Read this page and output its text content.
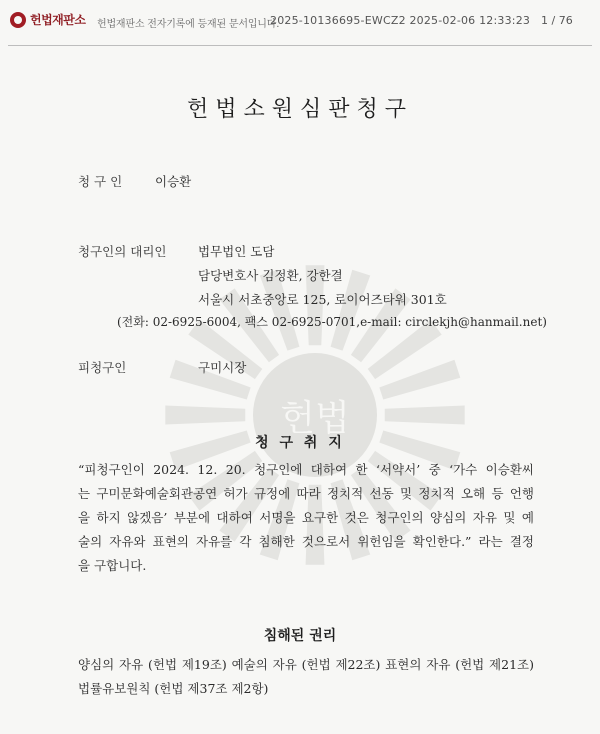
헌법재판소 헌법재판소 전자기록에 등재된 문서입니다.
2025-10136695-EWCZ2 2025-02-06 12:33:23 1 / 76
헌법
헌법소원심판청구
청 구 인	이승환
청구인의 대리인	법무법인 도담
담당변호사 김정환, 강한결
서울시 서초중앙로 125, 로이어즈타워 301호
(전화: 02-6925-6004, 팩스 02-6925-0701,e-mail: circlekjh@hanmail.net)
피청구인	구미시장
청 구 취 지
“피청구인이 2024. 12. 20. 청구인에 대하여 한 ‘서약서’ 중 ‘가수 이승환씨
는 구미문화예술회관공연 허가 규정에 따라 정치적 선동 및 정치적 오해 등 언행
을 하지 않겠음’ 부분에 대하여 서명을 요구한 것은 청구인의 양심의 자유 및 예
술의 자유와 표현의 자유를 각 침해한 것으로서 위헌임을 확인한다.” 라는 결정
을 구합니다.
침해된 권리
양심의 자유 (헌법 제19조) 예술의 자유 (헌법 제22조) 표현의 자유 (헌법 제21조)
법률유보원칙 (헌법 제37조 제2항)
